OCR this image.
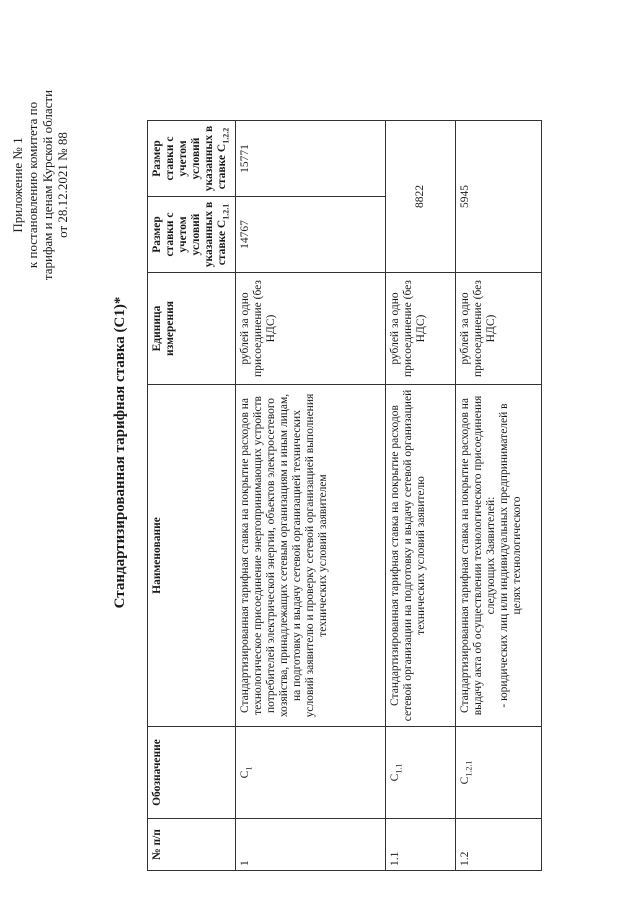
Приложение № 1 к постановлению комитета по тарифам и ценам Курской области от 28.12.2021 № 88
Стандартизированная тарифная ставка (С1)*
№ п/п	Обозначение	Наименование	Единица измерения	Размер ставки с учетом условий указанных в ставке $С_{1.2.1}$	Размер ставки с учетом условий указанных в ставке $С_{1.2.2}$
1	$С_1$	Стандартизированная тарифная ставка на покрытие расходов на технологическое присоединение энергопринимающих устройств потребителей электрической энергии, объектов электросетевого хозяйства, принадлежащих сетевым организациям и иным лицам, на подготовку и выдачу сетевой организацией технических условий заявителю и проверку сетевой организацией выполнения технических условий заявителем	рублей за одно присоединение (без НДС)	14767	15771
1.1	$С_{1.1}$	Стандартизированная тарифная ставка на покрытие расходов сетевой организации на подготовку и выдачу сетевой организацией технических условий заявителю	рублей за одно присоединение (без НДС)	8822	
1.2	$С_{1.2.1}$	Стандартизированная тарифная ставка на покрытие расходов на выдачу акта об осуществлении технологического присоединения следующих Заявителей: - юридических лиц или индивидуальных предпринимателей в целях технологического	рублей за одно присоединение (без НДС)	5945	
